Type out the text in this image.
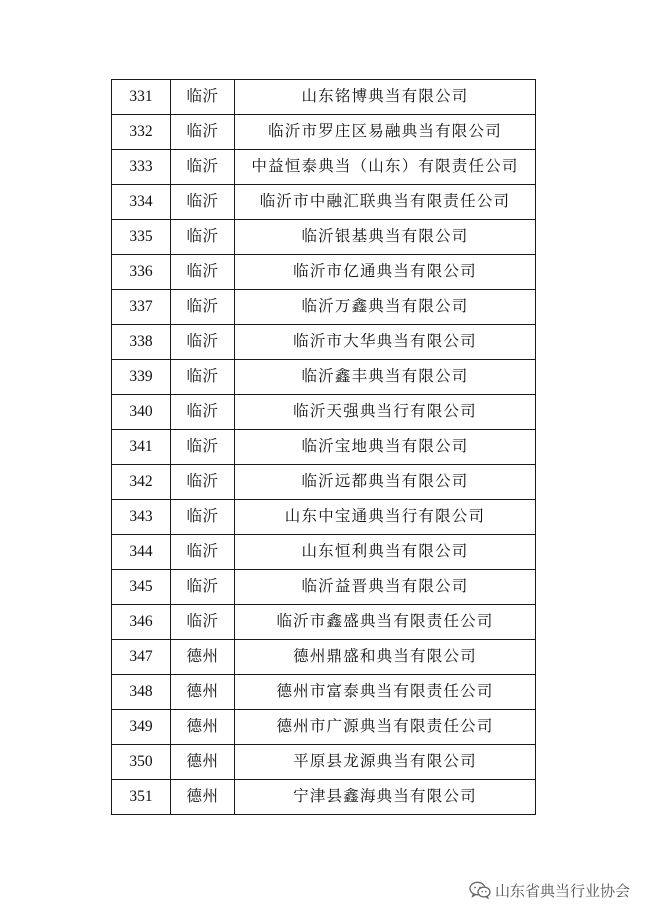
331	临沂	山东铭博典当有限公司
332	临沂	临沂市罗庄区易融典当有限公司
333	临沂	中益恒泰典当（山东）有限责任公司
334	临沂	临沂市中融汇联典当有限责任公司
335	临沂	临沂银基典当有限公司
336	临沂	临沂市亿通典当有限公司
337	临沂	临沂万鑫典当有限公司
338	临沂	临沂市大华典当有限公司
339	临沂	临沂鑫丰典当有限公司
340	临沂	临沂天强典当行有限公司
341	临沂	临沂宝地典当有限公司
342	临沂	临沂远都典当有限公司
343	临沂	山东中宝通典当行有限公司
344	临沂	山东恒利典当有限公司
345	临沂	临沂益晋典当有限公司
346	临沂	临沂市鑫盛典当有限责任公司
347	德州	德州鼎盛和典当有限公司
348	德州	德州市富泰典当有限责任公司
349	德州	德州市广源典当有限责任公司
350	德州	平原县龙源典当有限公司
351	德州	宁津县鑫海典当有限公司
山东省典当行业协会
